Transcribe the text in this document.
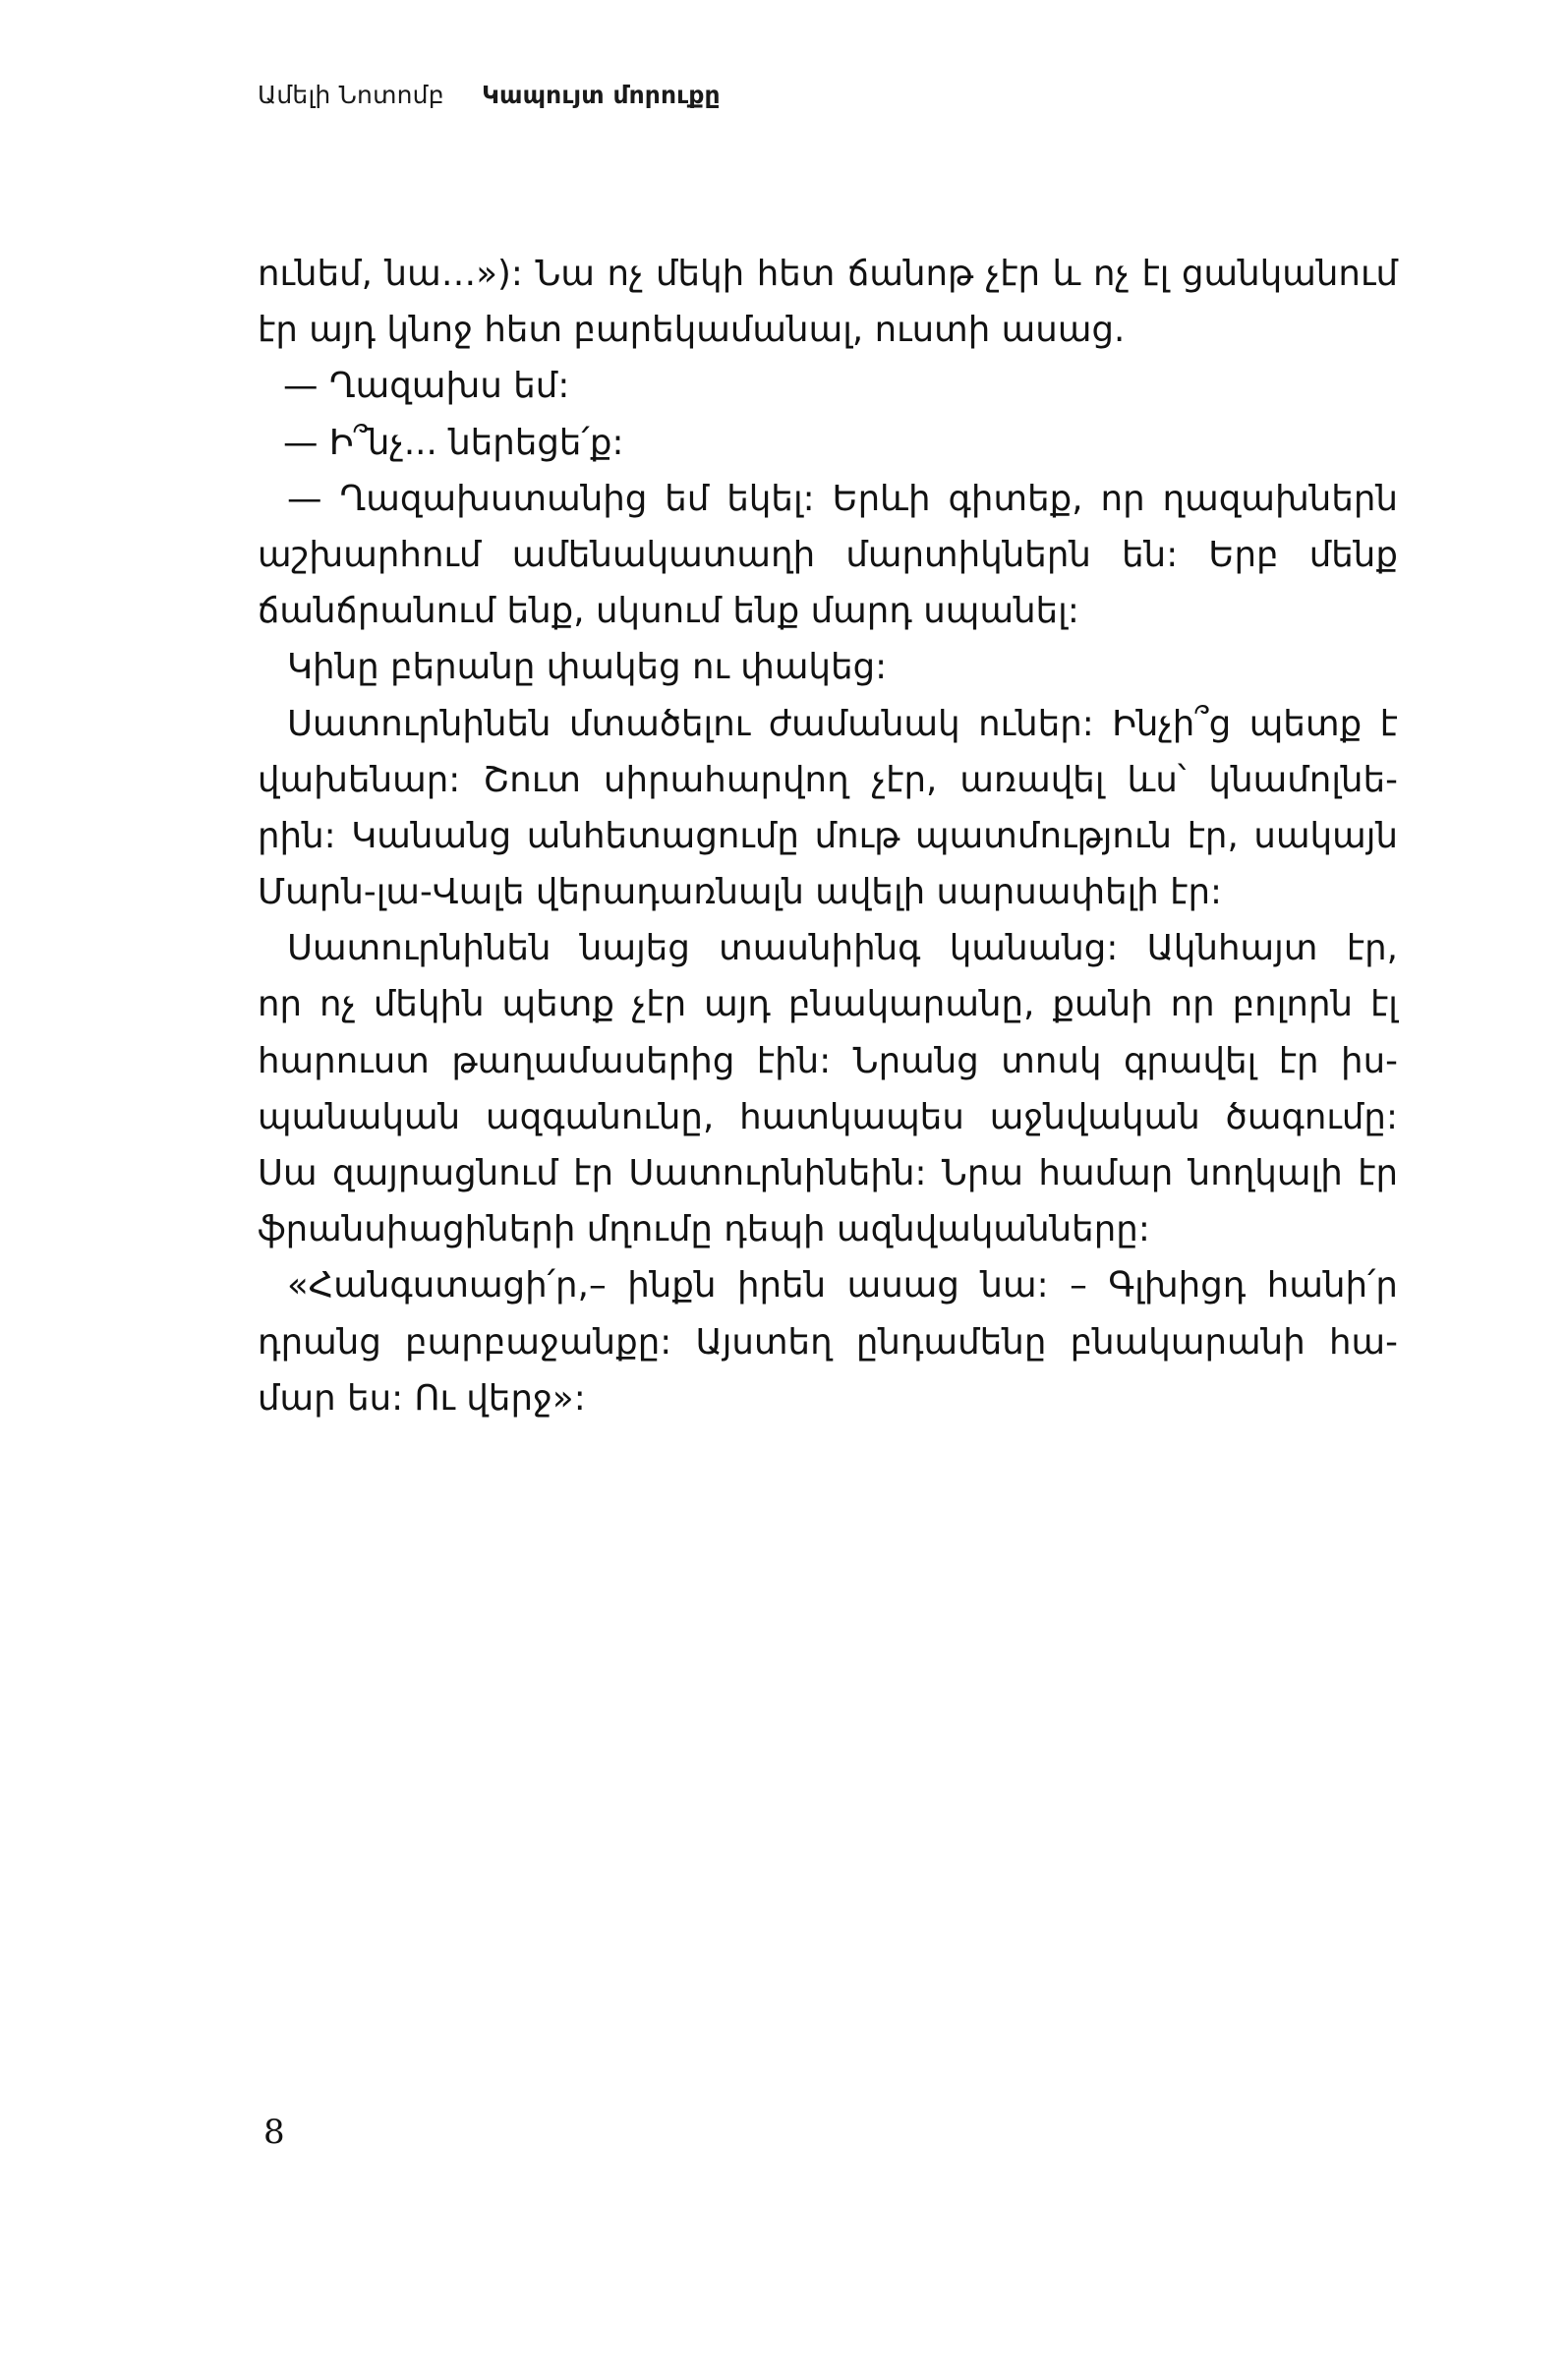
Ամելի Նոտոմբ Կապույտ մորուքը
ունեմ, նա…»): Նա ոչ մեկի հետ ճանոթ չէր և ոչ էլ ցանկանում
էր այդ կնոջ հետ բարեկամանալ, ուստի ասաց.
— Ղազախս եմ:
— Ի՞նչ... ներեցե՛ք:
— Ղազախստանից եմ եկել: Երևի գիտեք, որ ղազախներն
աշխարհում ամենակատաղի մարտիկներն են: Երբ մենք
ճանճրանում ենք, սկսում ենք մարդ սպանել:
Կինը բերանը փակեց ու փակեց:
Սատուրնինեն մտածելու ժամանակ ուներ: Ինչի՞ց պետք է
վախենար: Շուտ սիրահարվող չէր, առավել ևս՝ կնամոլնե-
րին: Կանանց անհետացումը մութ պատմություն էր, սակայն
Մարն-լա-Վալե վերադառնալն ավելի սարսափելի էր:
Սատուրնինեն նայեց տասնիինգ կանանց: Ակնհայտ էր,
որ ոչ մեկին պետք չէր այդ բնակարանը, քանի որ բոլորն էլ
հարուստ թաղամասերից էին: Նրանց տոսկ գրավել էր իս-
պանական ազգանունը, հատկապես աջնվական ծագումը:
Սա զայրացնում էր Սատուրնինեին: Նրա համար նողկալի էր
ֆրանսիացիների մղումը դեպի ազնվականները:
«Հանգստացի՛ր,– ինքն իրեն ասաց նա: – Գլխիցդ հանի՛ր
դրանց բարբաջանքը: Այստեղ ընդամենը բնակարանի հա-
մար ես: Ու վերջ»:
8
